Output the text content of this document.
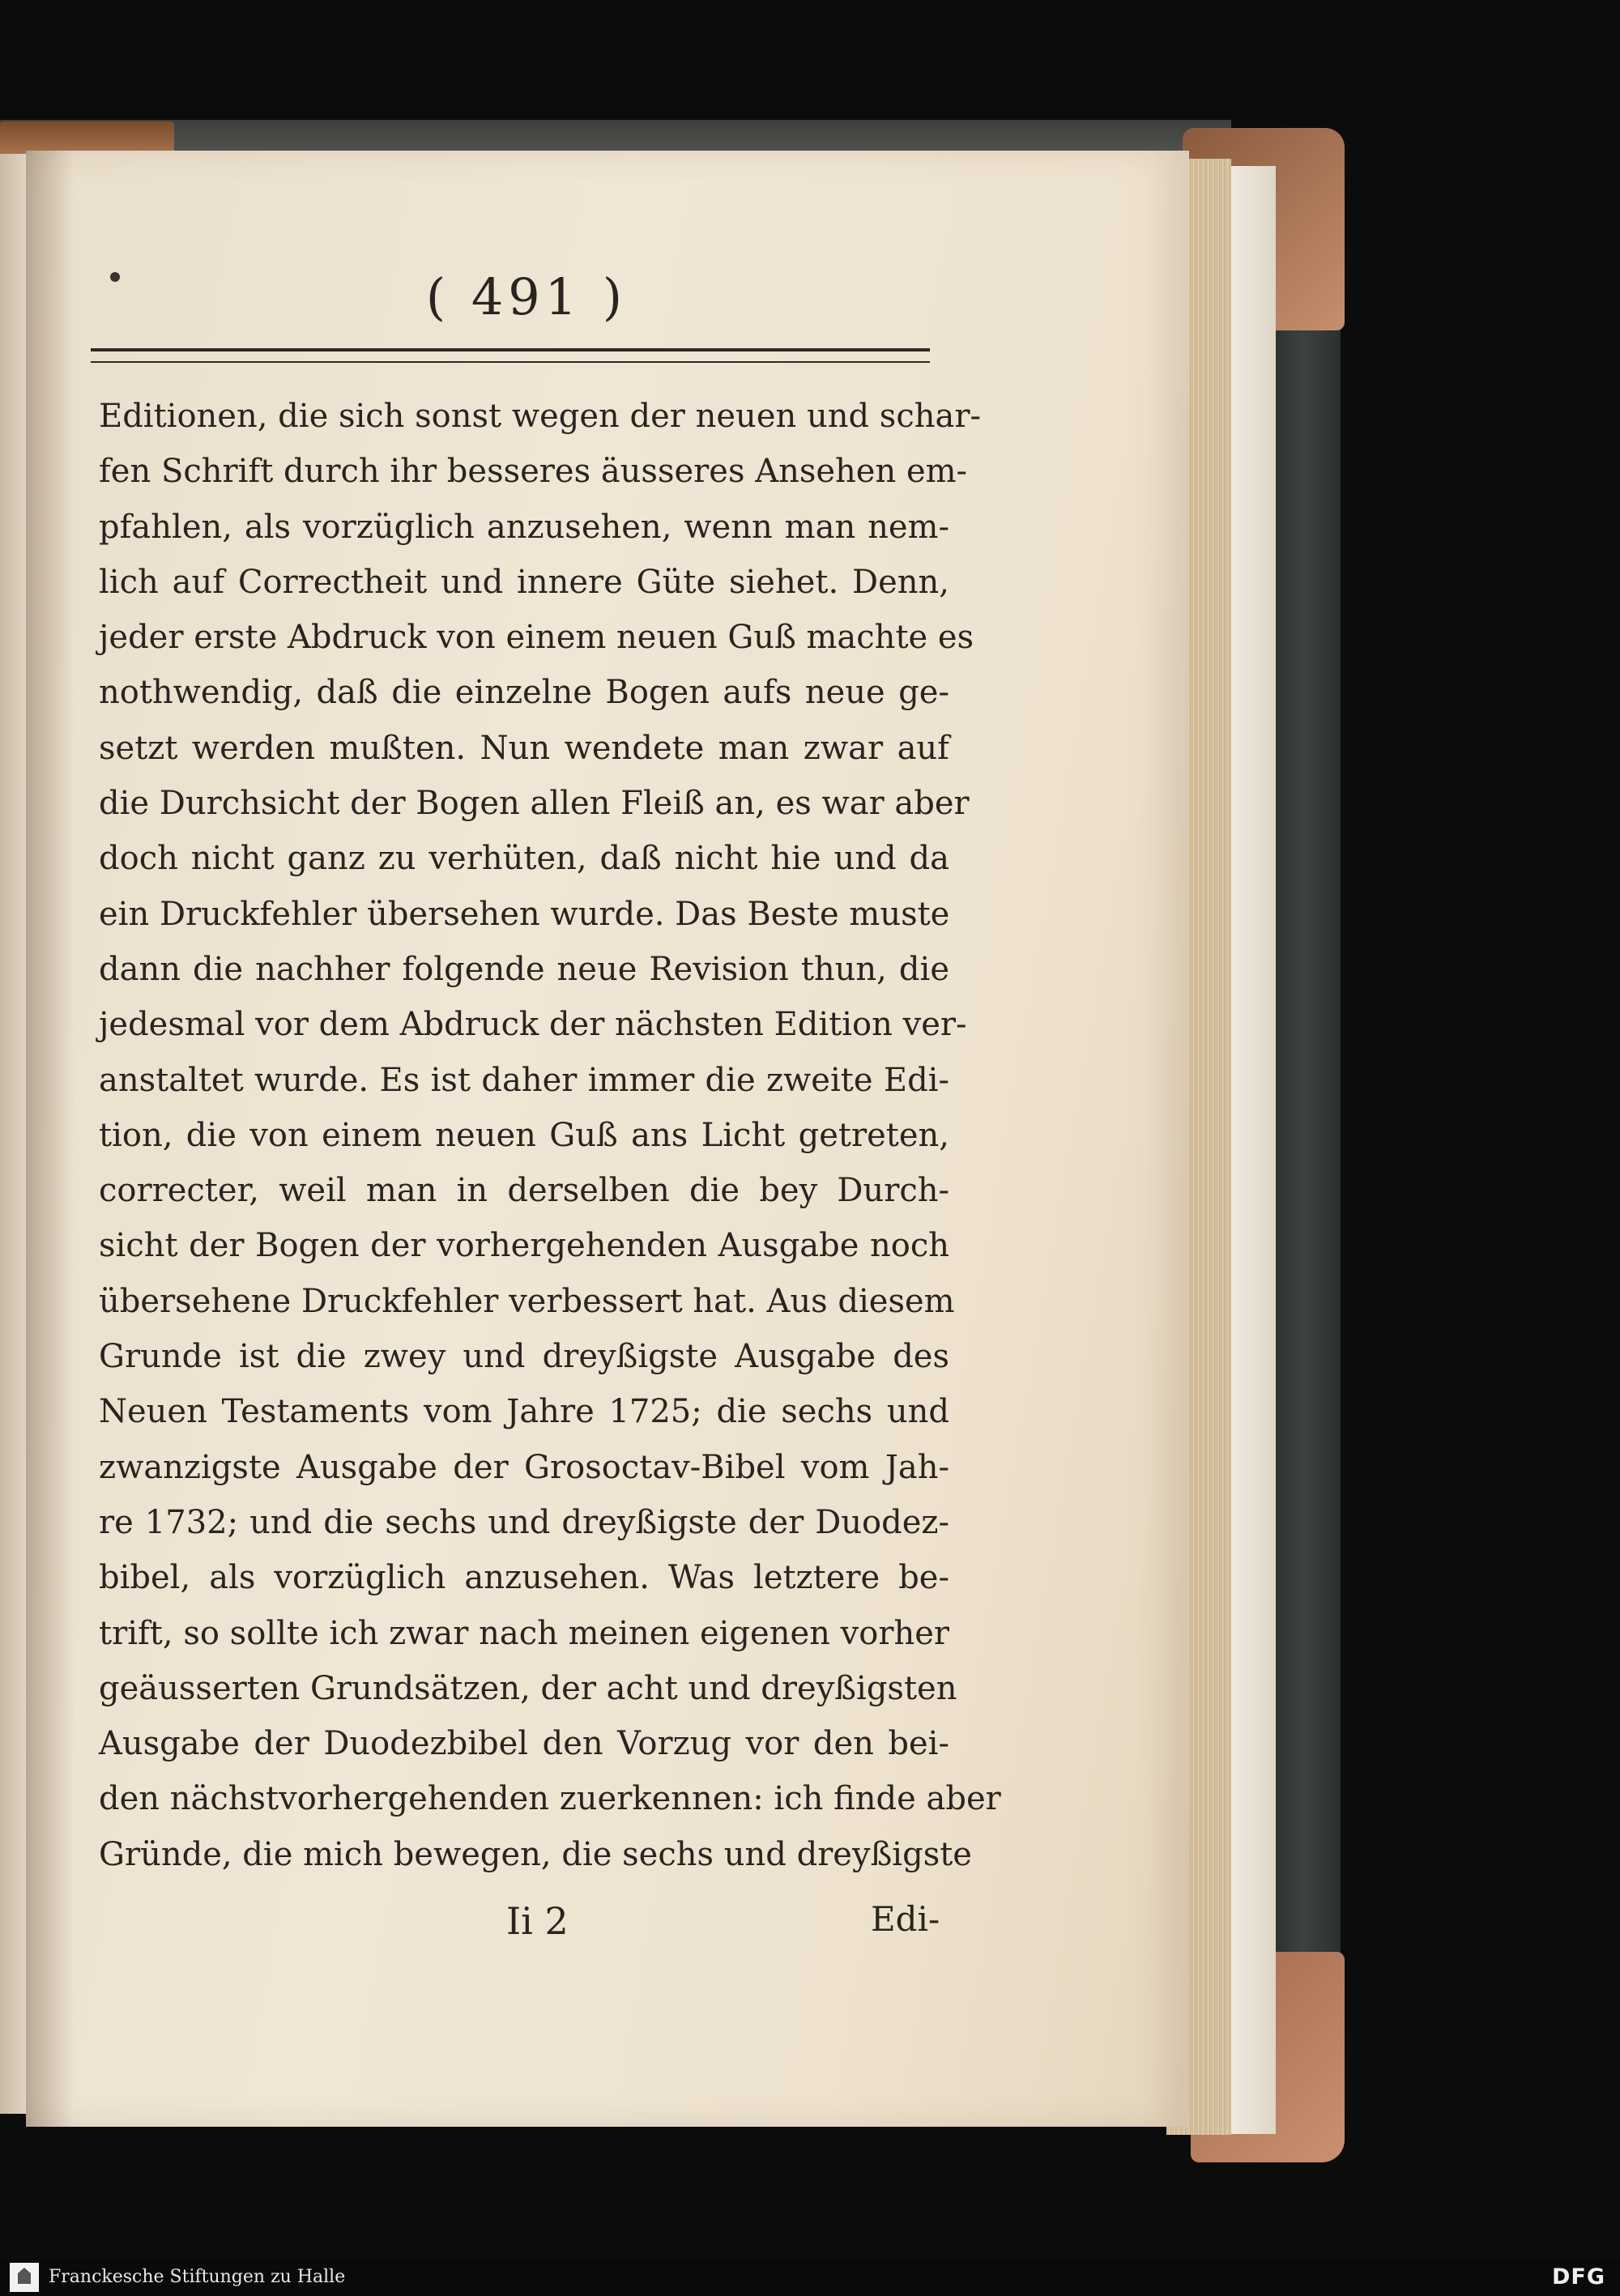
( 491 )
Editionen, die sich sonst wegen der neuen und schar-
fen Schrift durch ihr besseres äusseres Ansehen em-
pfahlen, als vorzüglich anzusehen, wenn man nem-
lich auf Correctheit und innere Güte siehet. Denn,
jeder erste Abdruck von einem neuen Guß machte es
nothwendig, daß die einzelne Bogen aufs neue ge-
setzt werden mußten. Nun wendete man zwar auf
die Durchsicht der Bogen allen Fleiß an, es war aber
doch nicht ganz zu verhüten, daß nicht hie und da
ein Druckfehler übersehen wurde. Das Beste muste
dann die nachher folgende neue Revision thun, die
jedesmal vor dem Abdruck der nächsten Edition ver-
anstaltet wurde. Es ist daher immer die zweite Edi-
tion, die von einem neuen Guß ans Licht getreten,
correcter, weil man in derselben die bey Durch-
sicht der Bogen der vorhergehenden Ausgabe noch
übersehene Druckfehler verbessert hat. Aus diesem
Grunde ist die zwey und dreyßigste Ausgabe des
Neuen Testaments vom Jahre 1725; die sechs und
zwanzigste Ausgabe der Grosoctav-Bibel vom Jah-
re 1732; und die sechs und dreyßigste der Duodez-
bibel, als vorzüglich anzusehen. Was letztere be-
trift, so sollte ich zwar nach meinen eigenen vorher
geäusserten Grundsätzen, der acht und dreyßigsten
Ausgabe der Duodezbibel den Vorzug vor den bei-
den nächstvorhergehenden zuerkennen: ich finde aber
Gründe, die mich bewegen, die sechs und dreyßigste
Ii 2	Edi-
Franckesche Stiftungen zu Halle	DFG
